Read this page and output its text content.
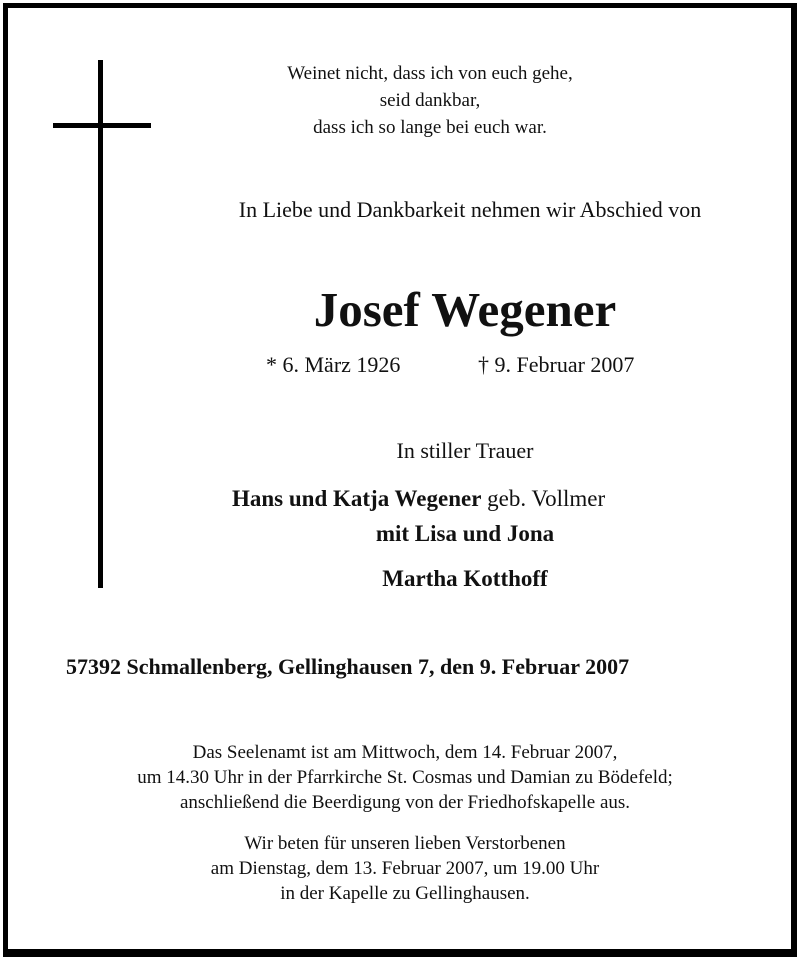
Weinet nicht, dass ich von euch gehe,
seid dankbar,
dass ich so lange bei euch war.
In Liebe und Dankbarkeit nehmen wir Abschied von
Josef Wegener
* 6. März 1926	† 9. Februar 2007
In stiller Trauer
Hans und Katja Wegener geb. Vollmer
mit Lisa und Jona
Martha Kotthoff
57392 Schmallenberg, Gellinghausen 7, den 9. Februar 2007
Das Seelenamt ist am Mittwoch, dem 14. Februar 2007,
um 14.30 Uhr in der Pfarrkirche St. Cosmas und Damian zu Bödefeld;
anschließend die Beerdigung von der Friedhofskapelle aus.
Wir beten für unseren lieben Verstorbenen
am Dienstag, dem 13. Februar 2007, um 19.00 Uhr
in der Kapelle zu Gellinghausen.
